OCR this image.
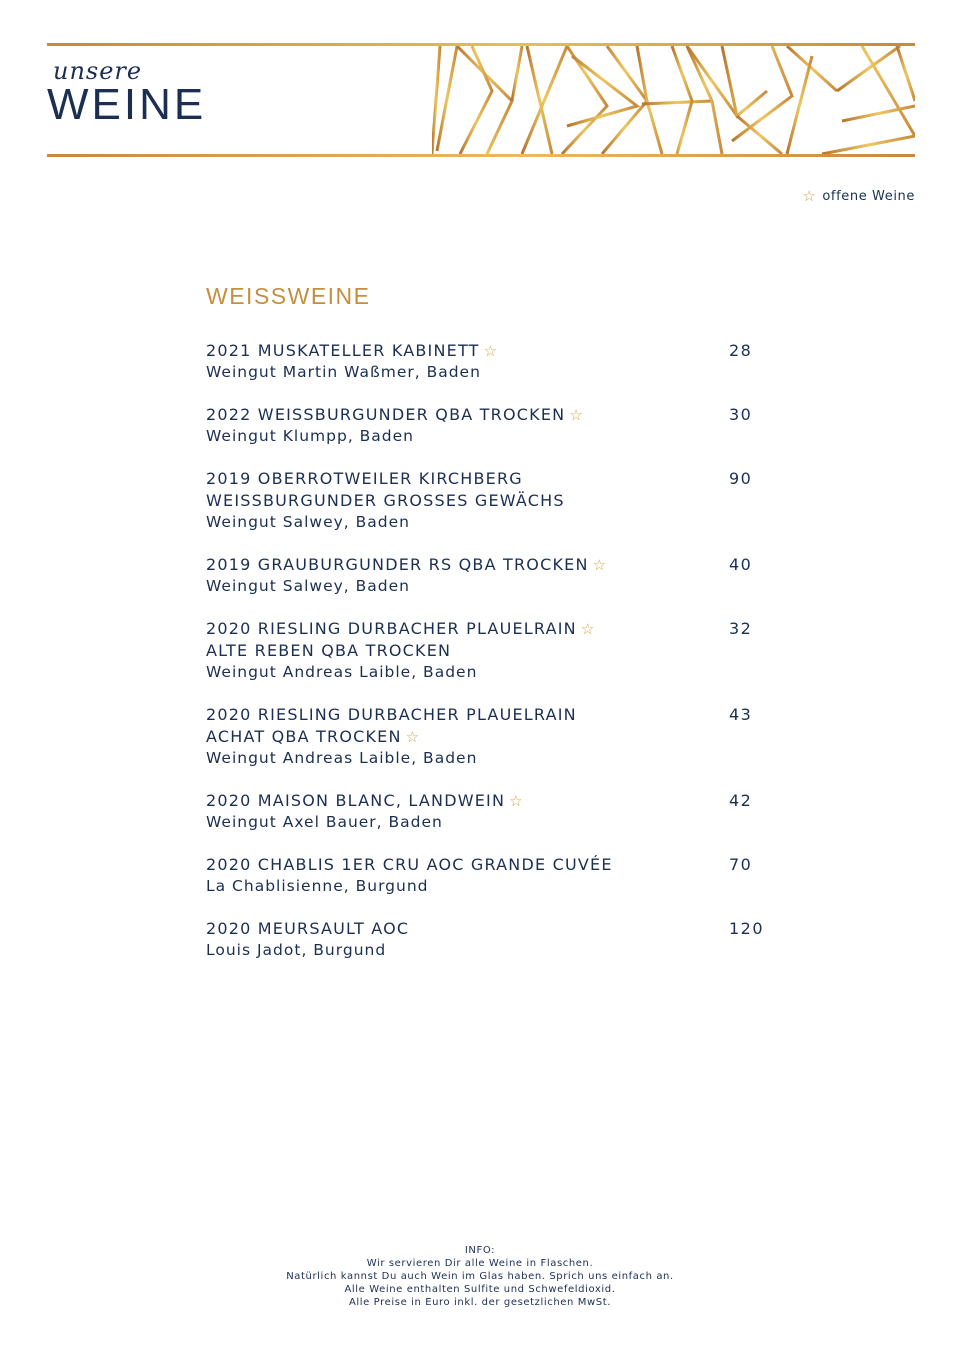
unsere
WEINE
☆ offene Weine
WEISSWEINE
2021 MUSKATELLER KABINETT ☆
Weingut Martin Waßmer, Baden
28
2022 WEISSBURGUNDER QBA TROCKEN ☆
Weingut Klumpp, Baden
30
2019 OBERROTWEILER KIRCHBERG
WEISSBURGUNDER GROSSES GEWÄCHS
Weingut Salwey, Baden
90
2019 GRAUBURGUNDER RS QBA TROCKEN ☆
Weingut Salwey, Baden
40
2020 RIESLING DURBACHER PLAUELRAIN ☆
ALTE REBEN QBA TROCKEN
Weingut Andreas Laible, Baden
32
2020 RIESLING DURBACHER PLAUELRAIN
ACHAT QBA TROCKEN ☆
Weingut Andreas Laible, Baden
43
2020 MAISON BLANC, LANDWEIN ☆
Weingut Axel Bauer, Baden
42
2020 CHABLIS 1ER CRU AOC GRANDE CUVÉE
La Chablisienne, Burgund
70
2020 MEURSAULT AOC
Louis Jadot, Burgund
120
INFO:
Wir servieren Dir alle Weine in Flaschen.
Natürlich kannst Du auch Wein im Glas haben. Sprich uns einfach an.
Alle Weine enthalten Sulfite und Schwefeldioxid.
Alle Preise in Euro inkl. der gesetzlichen MwSt.
